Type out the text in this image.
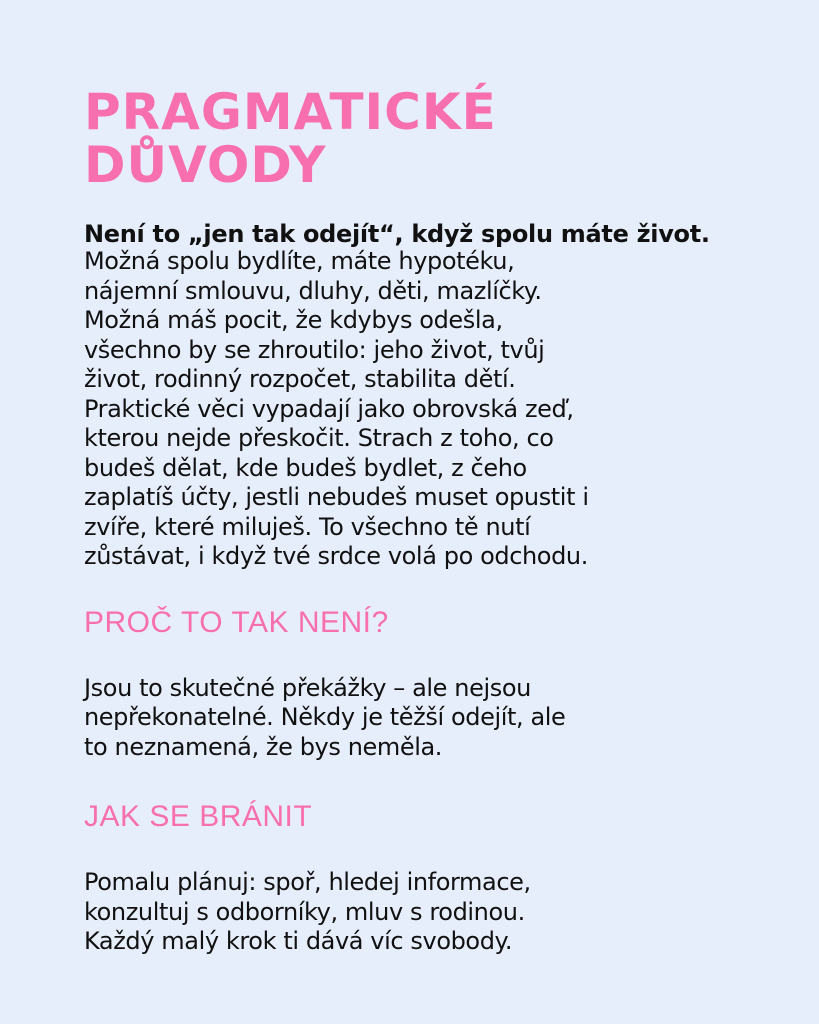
PRAGMATICKÉ
DŮVODY

Není to „jen tak odejít“, když spolu máte život.

Možná spolu bydlíte, máte hypotéku,
nájemní smlouvu, dluhy, děti, mazlíčky.
Možná máš pocit, že kdybys odešla,
všechno by se zhroutilo: jeho život, tvůj
život, rodinný rozpočet, stabilita dětí.
Praktické věci vypadají jako obrovská zeď,
kterou nejde přeskočit. Strach z toho, co
budeš dělat, kde budeš bydlet, z čeho
zaplatíš účty, jestli nebudeš muset opustit i
zvíře, které miluješ. To všechno tě nutí
zůstávat, i když tvé srdce volá po odchodu.

PROČ TO TAK NENÍ?

Jsou to skutečné překážky – ale nejsou
nepřekonatelné. Někdy je těžší odejít, ale
to neznamená, že bys neměla.

JAK SE BRÁNIT

Pomalu plánuj: spoř, hledej informace,
konzultuj s odborníky, mluv s rodinou.
Každý malý krok ti dává víc svobody.
